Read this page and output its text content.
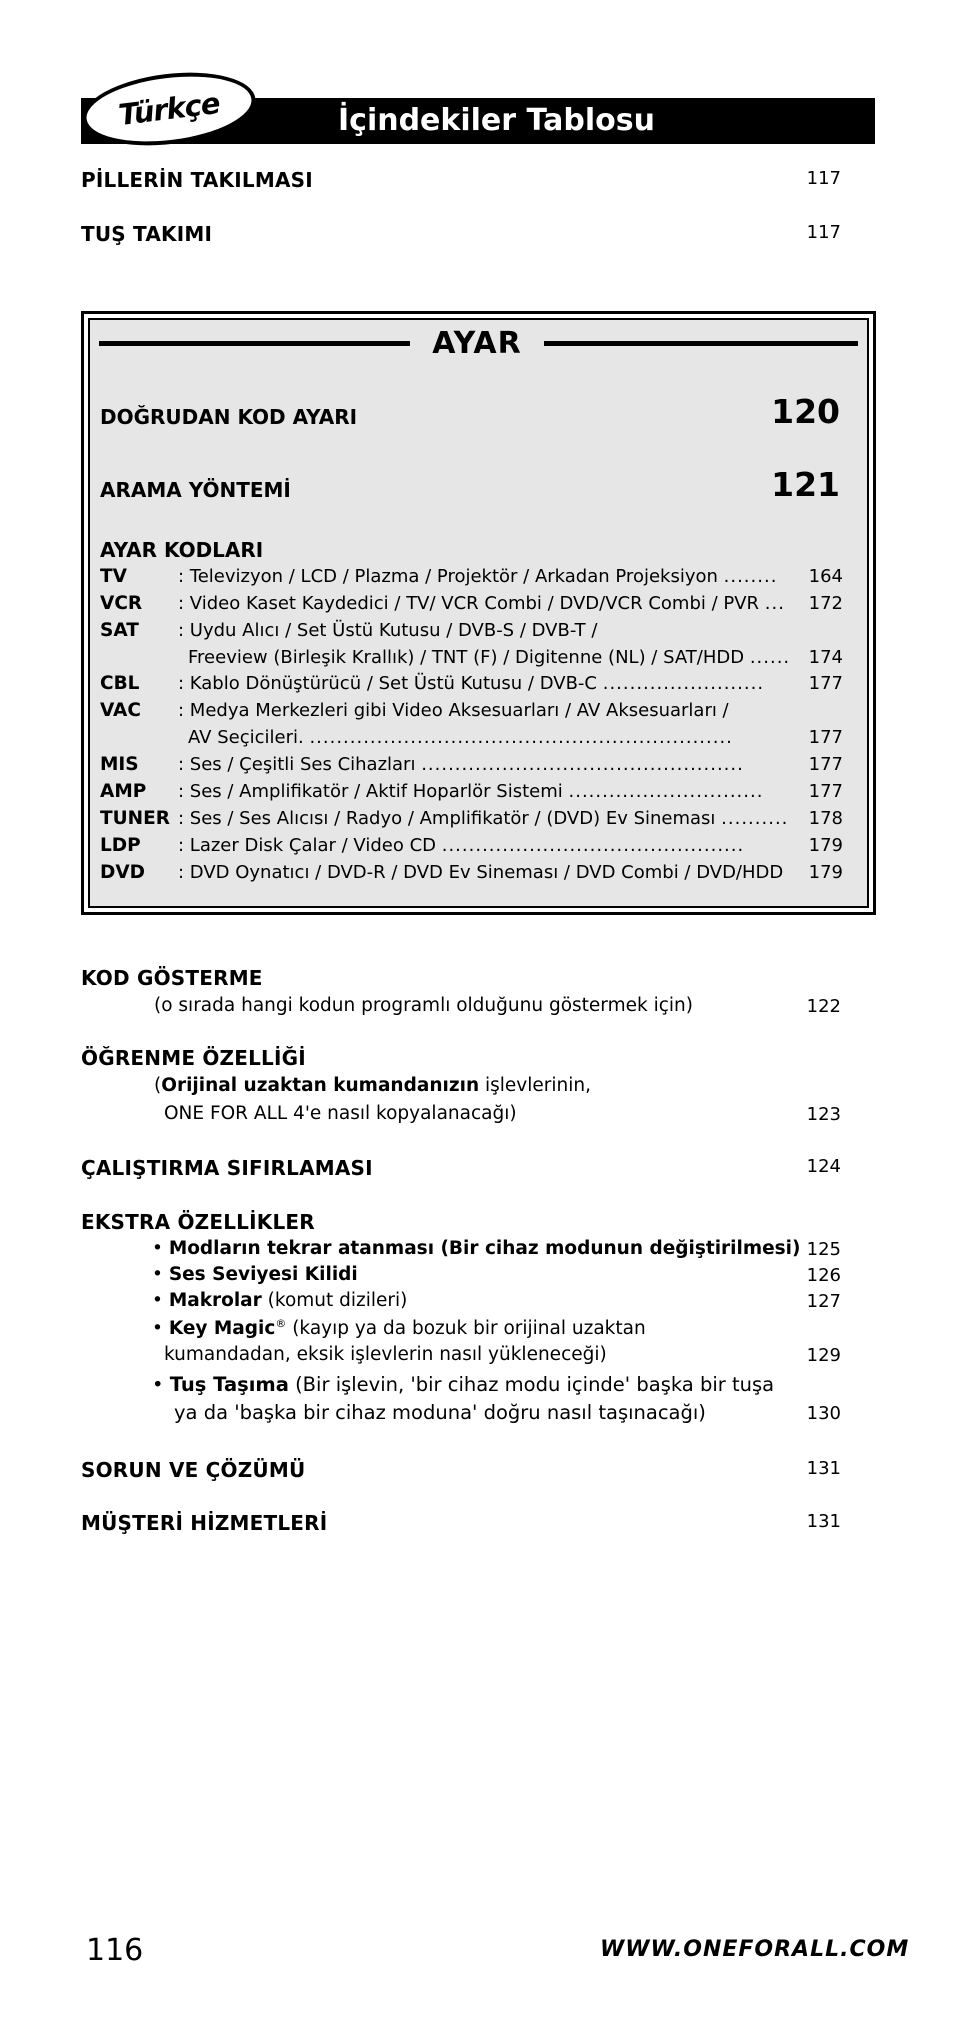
İçindekiler Tablosu
Türkçe
PİLLERİN TAKILMASI	117
TUŞ TAKIMI	117
AYAR
DOĞRUDAN KOD AYARI	120
ARAMA YÖNTEMİ	121
AYAR KODLARI
TV	: Televizyon / LCD / Plazma / Projektör / Arkadan Projeksiyon ........	164
VCR : Video Kaset Kaydedici / TV/ VCR Combi / DVD/VCR Combi / PVR ...	172
SAT : Uydu Alıcı / Set Üstü Kutusu / DVB-S / DVB-T /
Freeview (Birleşik Krallık) / TNT (F) / Digitenne (NL) / SAT/HDD ......	174
CBL : Kablo Dönüştürücü / Set Üstü Kutusu / DVB-C ........................	177
VAC : Medya Merkezleri gibi Video Aksesuarları / AV Aksesuarları /
AV Seçicileri. ...............................................................	177
MIS : Ses / Çeşitli Ses Cihazları ................................................	177
AMP : Ses / Amplifikatör / Aktif Hoparlör Sistemi .............................	177
TUNER : Ses / Ses Alıcısı / Radyo / Amplifikatör / (DVD) Ev Sineması ..........	178
LDP : Lazer Disk Çalar / Video CD .............................................	179
DVD : DVD Oynatıcı / DVD-R / DVD Ev Sineması / DVD Combi / DVD/HDD	179
KOD GÖSTERME
(o sırada hangi kodun programlı olduğunu göstermek için)	122
ÖĞRENME ÖZELLİĞİ
(Orijinal uzaktan kumandanızın işlevlerinin,
ONE FOR ALL 4'e nasıl kopyalanacağı)	123
ÇALIŞTIRMA SIFIRLAMASI	124
EKSTRA ÖZELLİKLER
• Modların tekrar atanması (Bir cihaz modunun değiştirilmesi) 125
• Ses Seviyesi Kilidi	126
• Makrolar (komut dizileri)	127
• Key Magic® (kayıp ya da bozuk bir orijinal uzaktan
kumandadan, eksik işlevlerin nasıl yükleneceği)	129
• Tuş Taşıma (Bir işlevin, 'bir cihaz modu içinde' başka bir tuşa
ya da 'başka bir cihaz moduna' doğru nasıl taşınacağı)	130
SORUN VE ÇÖZÜMÜ	131
MÜŞTERİ HİZMETLERİ	131
116	WWW.ONEFORALL.COM
